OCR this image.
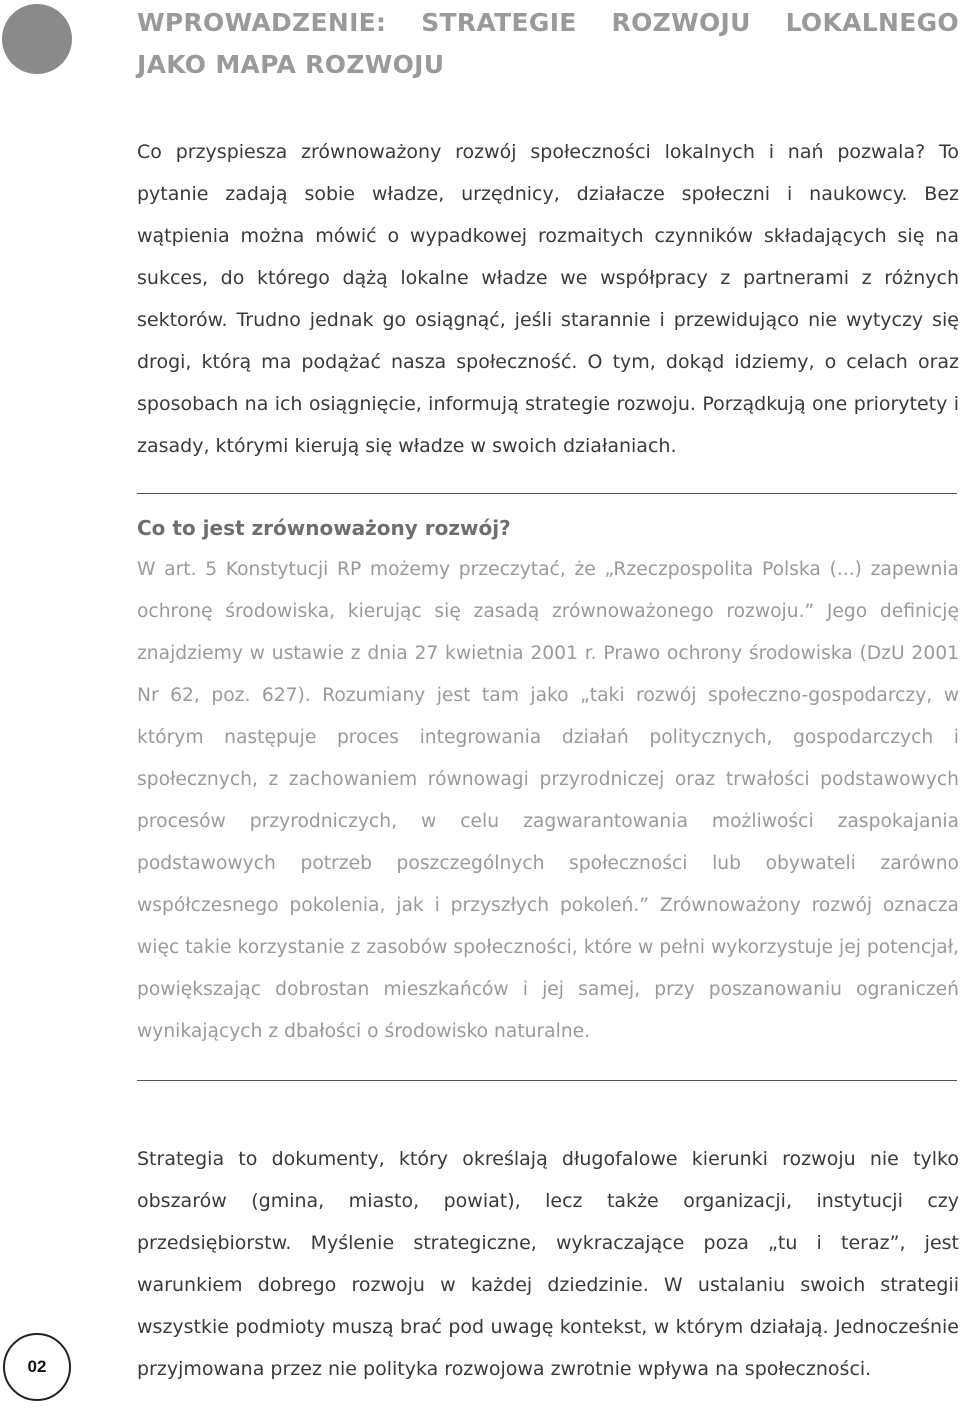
WPROWADZENIE: STRATEGIE ROZWOJU LOKALNEGO JAKO MAPA ROZWOJU

Co przyspiesza zrównoważony rozwój społeczności lokalnych i nań pozwala? To pytanie zadają sobie władze, urzędnicy, działacze społeczni i naukowcy. Bez wątpienia można mówić o wypadkowej rozmaitych czynników składających się na sukces, do którego dążą lokalne władze we współpracy z partnerami z różnych sektorów. Trudno jednak go osiągnąć, jeśli starannie i przewidująco nie wytyczy się drogi, którą ma podążać nasza społeczność. O tym, dokąd idziemy, o celach oraz sposobach na ich osiągnięcie, informują strategie rozwoju. Porządkują one priorytety i zasady, którymi kierują się władze w swoich działaniach.

Co to jest zrównoważony rozwój?

W art. 5 Konstytucji RP możemy przeczytać, że „Rzeczpospolita Polska (...) zapewnia ochronę środowiska, kierując się zasadą zrównoważonego rozwoju.” Jego definicję znajdziemy w ustawie z dnia 27 kwietnia 2001 r. Prawo ochrony środowiska (DzU 2001 Nr 62, poz. 627). Rozumiany jest tam jako „taki rozwój społeczno-gospodarczy, w którym następuje proces integrowania działań politycznych, gospodarczych i społecznych, z zachowaniem równowagi przyrodniczej oraz trwałości podstawowych procesów przyrodniczych, w celu zagwarantowania możliwości zaspokajania podstawowych potrzeb poszczególnych społeczności lub obywateli zarówno współczesnego pokolenia, jak i przyszłych pokoleń.” Zrównoważony rozwój oznacza więc takie korzystanie z zasobów społeczności, które w pełni wykorzystuje jej potencjał, powiększając dobrostan mieszkańców i jej samej, przy poszanowaniu ograniczeń wynikających z dbałości o środowisko naturalne.

Strategia to dokumenty, który określają długofalowe kierunki rozwoju nie tylko obszarów (gmina, miasto, powiat), lecz także organizacji, instytucji czy przedsiębiorstw. Myślenie strategiczne, wykraczające poza „tu i teraz”, jest warunkiem dobrego rozwoju w każdej dziedzinie. W ustalaniu swoich strategii wszystkie podmioty muszą brać pod uwagę kontekst, w którym działają. Jednocześnie przyjmowana przez nie polityka rozwojowa zwrotnie wpływa na społeczności.

02
